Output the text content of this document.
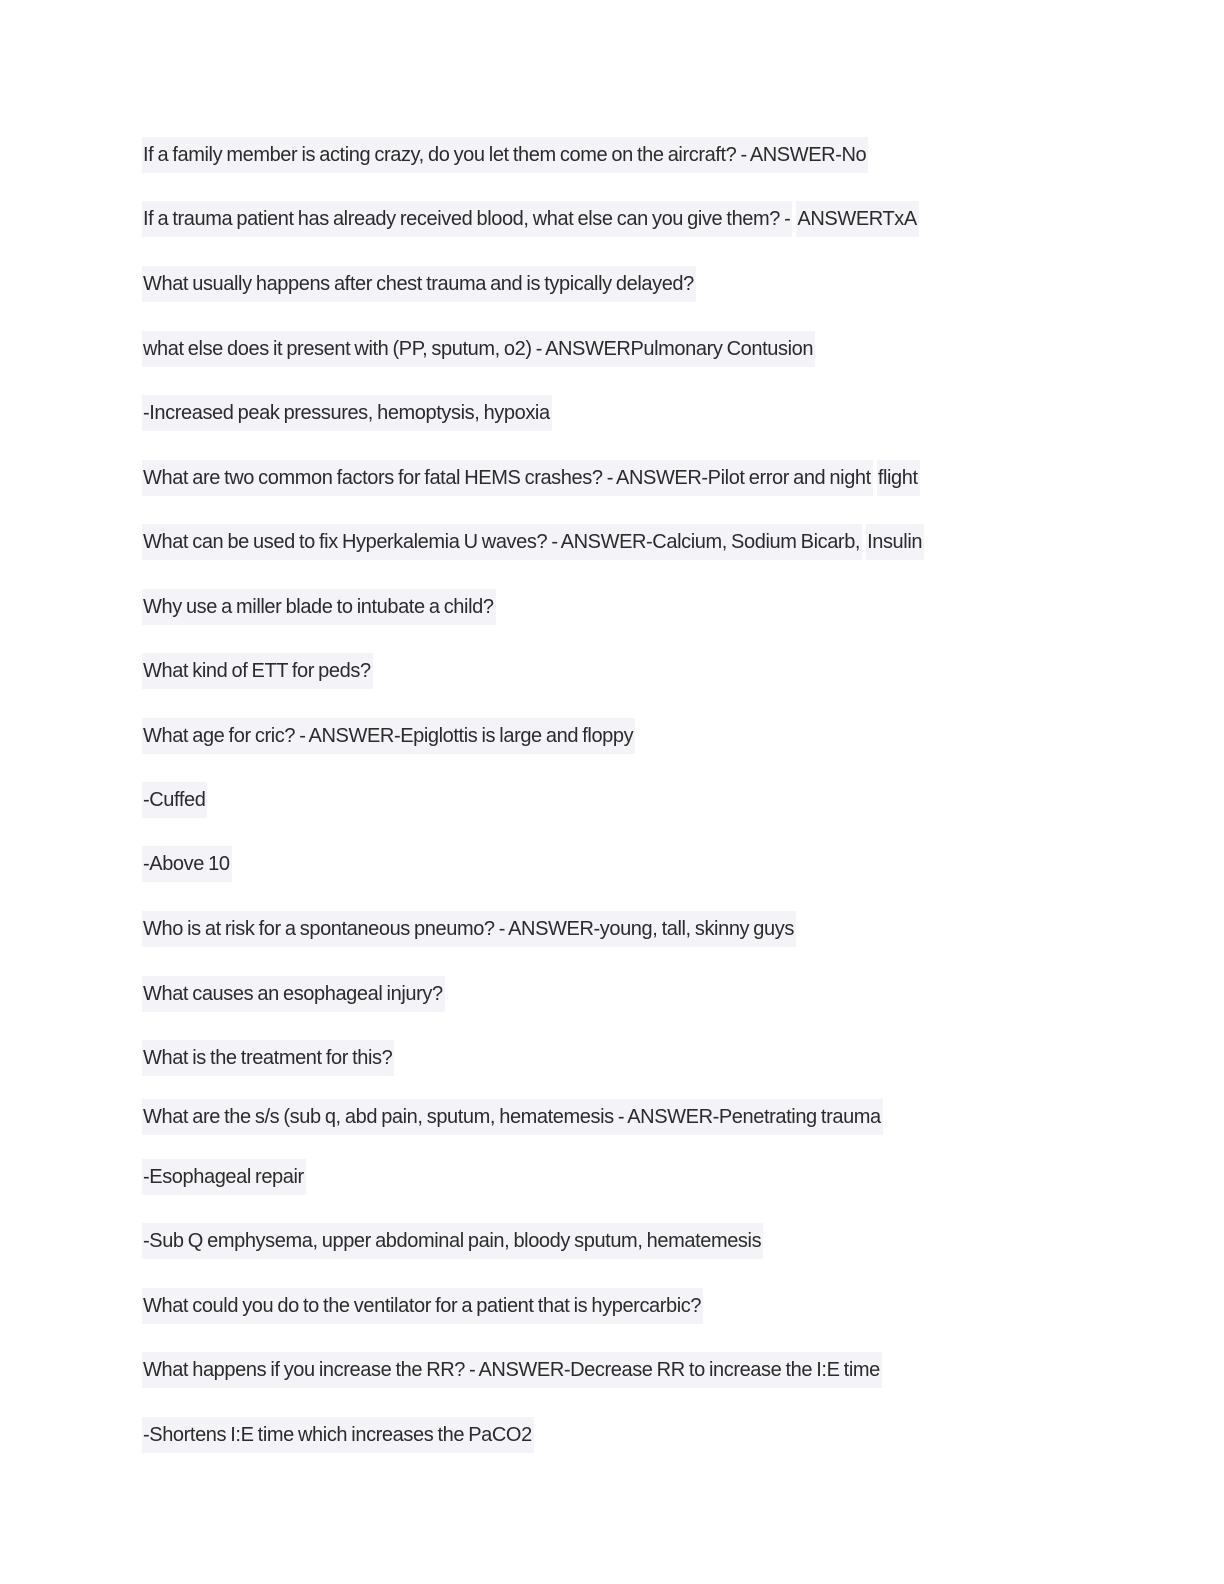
If a family member is acting crazy, do you let them come on the aircraft? - ANSWER-No
If a trauma patient has already received blood, what else can you give them? - ANSWERTxA
What usually happens after chest trauma and is typically delayed?
what else does it present with (PP, sputum, o2) - ANSWERPulmonary Contusion
-Increased peak pressures, hemoptysis, hypoxia
What are two common factors for fatal HEMS crashes? - ANSWER-Pilot error and night flight
What can be used to fix Hyperkalemia U waves? - ANSWER-Calcium, Sodium Bicarb, Insulin
Why use a miller blade to intubate a child?
What kind of ETT for peds?
What age for cric? - ANSWER-Epiglottis is large and floppy
-Cuffed
-Above 10
Who is at risk for a spontaneous pneumo? - ANSWER-young, tall, skinny guys
What causes an esophageal injury?
What is the treatment for this?
What are the s/s (sub q, abd pain, sputum, hematemesis - ANSWER-Penetrating trauma
-Esophageal repair
-Sub Q emphysema, upper abdominal pain, bloody sputum, hematemesis
What could you do to the ventilator for a patient that is hypercarbic?
What happens if you increase the RR? - ANSWER-Decrease RR to increase the I:E time
-Shortens I:E time which increases the PaCO2
